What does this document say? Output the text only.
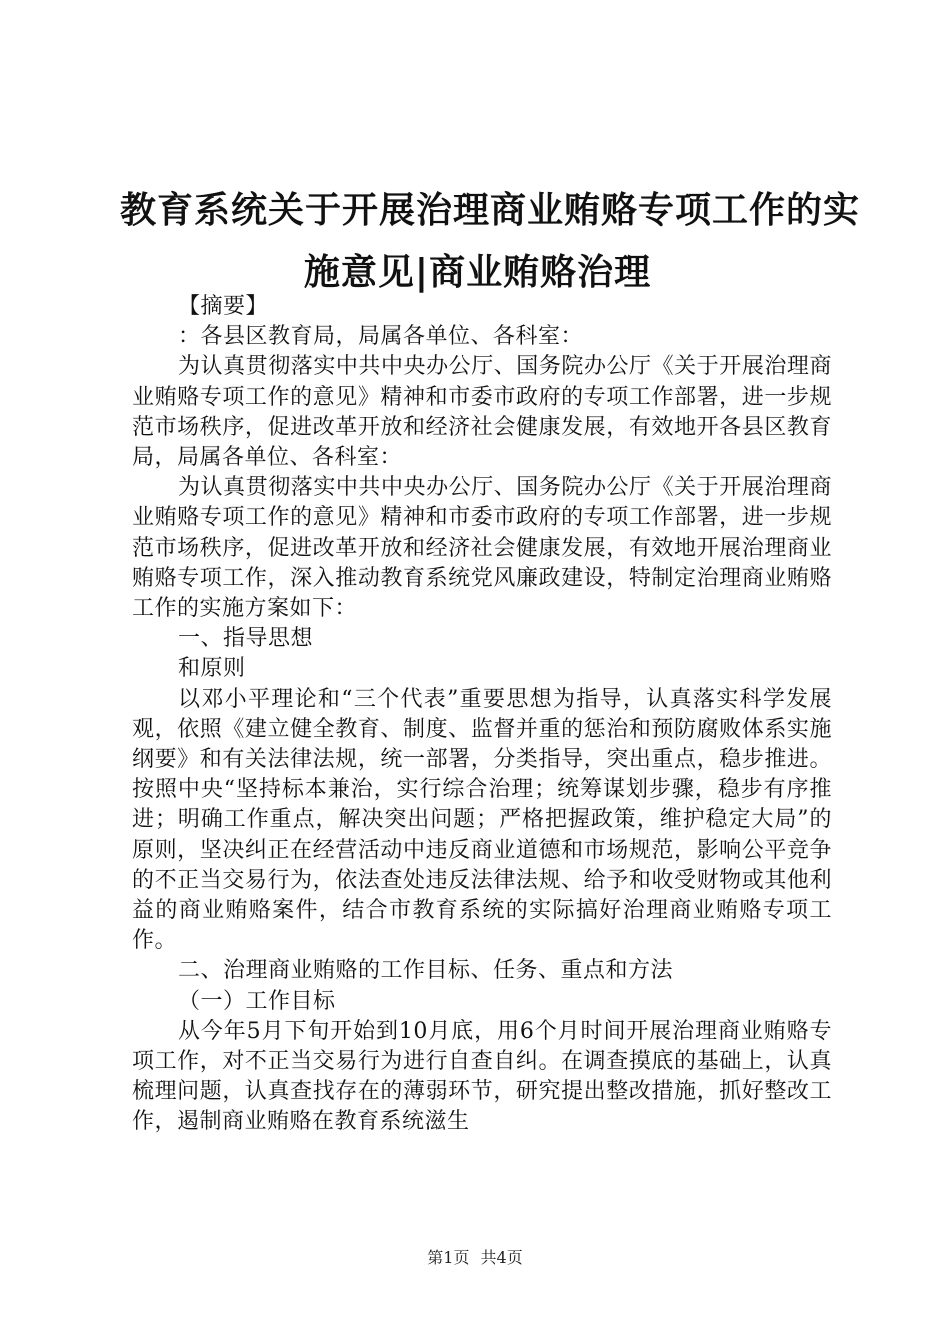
教育系统关于开展治理商业贿赂专项工作的实
施意见|商业贿赂治理

【摘要】

：各县区教育局，局属各单位、各科室：

为认真贯彻落实中共中央办公厅、国务院办公厅《关于开展治理商业贿赂专项工作的意见》精神和市委市政府的专项工作部署，进一步规范市场秩序，促进改革开放和经济社会健康发展，有效地开各县区教育局，局属各单位、各科室：

为认真贯彻落实中共中央办公厅、国务院办公厅《关于开展治理商业贿赂专项工作的意见》精神和市委市政府的专项工作部署，进一步规范市场秩序，促进改革开放和经济社会健康发展，有效地开展治理商业贿赂专项工作，深入推动教育系统党风廉政建设，特制定治理商业贿赂工作的实施方案如下：

一、指导思想

和原则

以邓小平理论和“三个代表”重要思想为指导，认真落实科学发展观，依照《建立健全教育、制度、监督并重的惩治和预防腐败体系实施纲要》和有关法律法规，统一部署，分类指导，突出重点，稳步推进。按照中央“坚持标本兼治，实行综合治理；统筹谋划步骤，稳步有序推进；明确工作重点，解决突出问题；严格把握政策，维护稳定大局”的原则，坚决纠正在经营活动中违反商业道德和市场规范，影响公平竞争的不正当交易行为，依法查处违反法律法规、给予和收受财物或其他利益的商业贿赂案件，结合市教育系统的实际搞好治理商业贿赂专项工作。

二、治理商业贿赂的工作目标、任务、重点和方法

（一）工作目标

从今年5月下旬开始到10月底，用6个月时间开展治理商业贿赂专项工作，对不正当交易行为进行自查自纠。在调查摸底的基础上，认真梳理问题，认真查找存在的薄弱环节，研究提出整改措施，抓好整改工作，遏制商业贿赂在教育系统滋生

第1页 共4页
